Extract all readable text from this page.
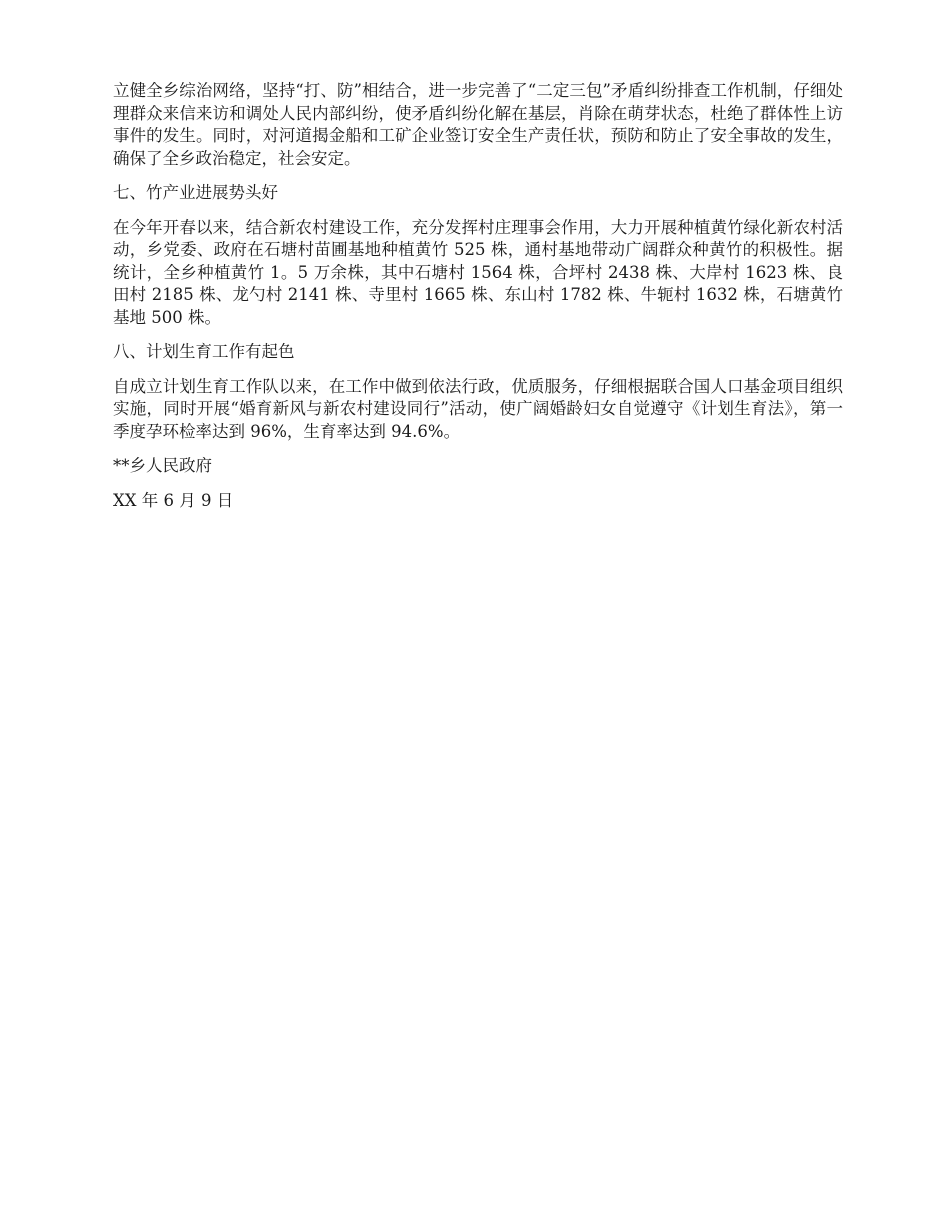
立健全乡综治网络，坚持“打、防”相结合，进一步完善了“二定三包”矛盾纠纷排查工作机制，仔细处理群众来信来访和调处人民内部纠纷，使矛盾纠纷化解在基层，肖除在萌芽状态，杜绝了群体性上访事件的发生。同时，对河道揭金船和工矿企业签订安全生产责任状，预防和防止了安全事故的发生，确保了全乡政治稳定，社会安定。

七、竹产业进展势头好

在今年开春以来，结合新农村建设工作，充分发挥村庄理事会作用，大力开展种植黄竹绿化新农村活动，乡党委、政府在石塘村苗圃基地种植黄竹 525 株，通村基地带动广阔群众种黄竹的积极性。据统计，全乡种植黄竹 1。5 万余株，其中石塘村 1564 株，合坪村 2438 株、大岸村 1623 株、良田村 2185 株、龙勺村 2141 株、寺里村 1665 株、东山村 1782 株、牛轭村 1632 株，石塘黄竹基地 500 株。

八、计划生育工作有起色

自成立计划生育工作队以来，在工作中做到依法行政，优质服务，仔细根据联合国人口基金项目组织实施，同时开展“婚育新风与新农村建设同行”活动，使广阔婚龄妇女自觉遵守《计划生育法》，第一季度孕环检率达到 96%，生育率达到 94.6%。

**乡人民政府

XX 年 6 月 9 日
